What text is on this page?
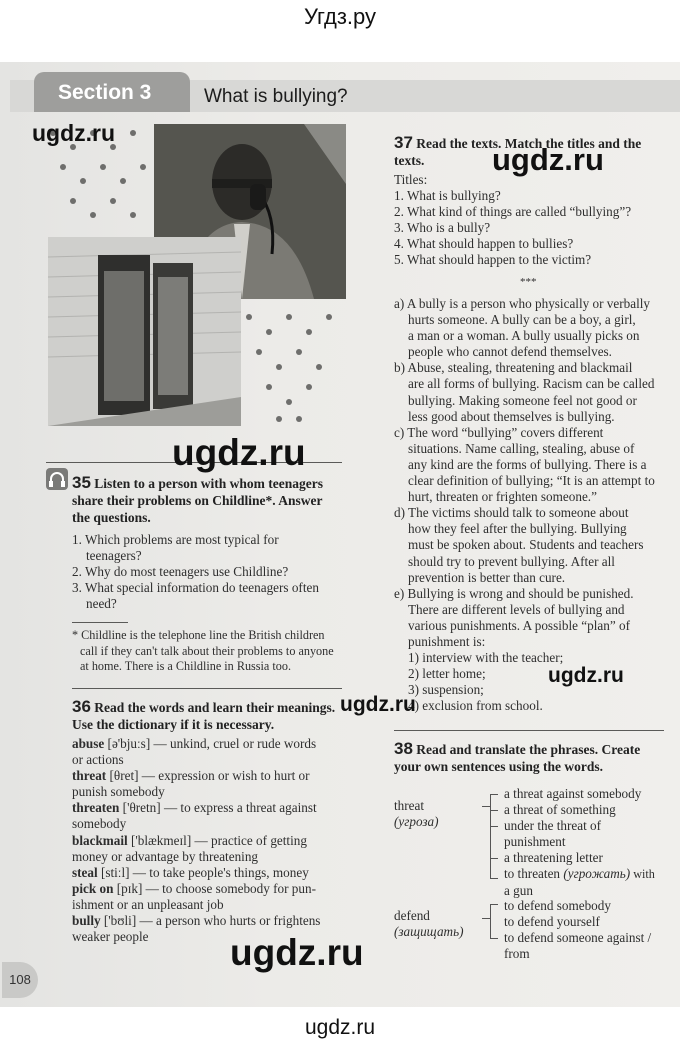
Угдз.ру
Section 3	What is bullying?
35 Listen to a person with whom teenagers
share their problems on Childline*. Answer
the questions.
1. Which problems are most typical for
teenagers?
2. Why do most teenagers use Childline?
3. What special information do teenagers often
need?
* Childline is the telephone line the British children
call if they can't talk about their problems to anyone
at home. There is a Childline in Russia too.
36 Read the words and learn their meanings.
Use the dictionary if it is necessary.
abuse [ə'bjuːs] — unkind, cruel or rude words
or actions
threat [θret] — expression or wish to hurt or
punish somebody
threaten ['θretn] — to express a threat against
somebody
blackmail ['blækmeɪl] — practice of getting
money or advantage by threatening
steal [stiːl] — to take people's things, money
pick on [pɪk] — to choose somebody for pun-
ishment or an unpleasant job
bully ['bʊli] — a person who hurts or frightens
weaker people
37 Read the texts. Match the titles and the
texts.
Titles:
1. What is bullying?
2. What kind of things are called “bullying”?
3. Who is a bully?
4. What should happen to bullies?
5. What should happen to the victim?
***
a) A bully is a person who physically or verbally
hurts someone. A bully can be a boy, a girl,
a man or a woman. A bully usually picks on
people who cannot defend themselves.
b) Abuse, stealing, threatening and blackmail
are all forms of bullying. Racism can be called
bullying. Making someone feel not good or
less good about themselves is bullying.
c) The word “bullying” covers different
situations. Name calling, stealing, abuse of
any kind are the forms of bullying. There is a
clear definition of bullying; “It is an attempt to
hurt, threaten or frighten someone.”
d) The victims should talk to someone about
how they feel after the bullying. Bullying
must be spoken about. Students and teachers
should try to prevent bullying. After all
prevention is better than cure.
e) Bullying is wrong and should be punished.
There are different levels of bullying and
various punishments. A possible “plan” of
punishment is:
1) interview with the teacher;
2) letter home;
3) suspension;
4) exclusion from school.
38 Read and translate the phrases. Create
your own sentences using the words.
threat
(угроза)
a threat against somebody
a threat of something
under the threat of
punishment
a threatening letter
to threaten (угрожать) with
a gun
defend
(защищать)
to defend somebody
to defend yourself
to defend someone against /
from
108
ugdz.ru
ugdz.ru
ugdz.ru
ugdz.ru
ugdz.ru
ugdz.ru
ugdz.ru
